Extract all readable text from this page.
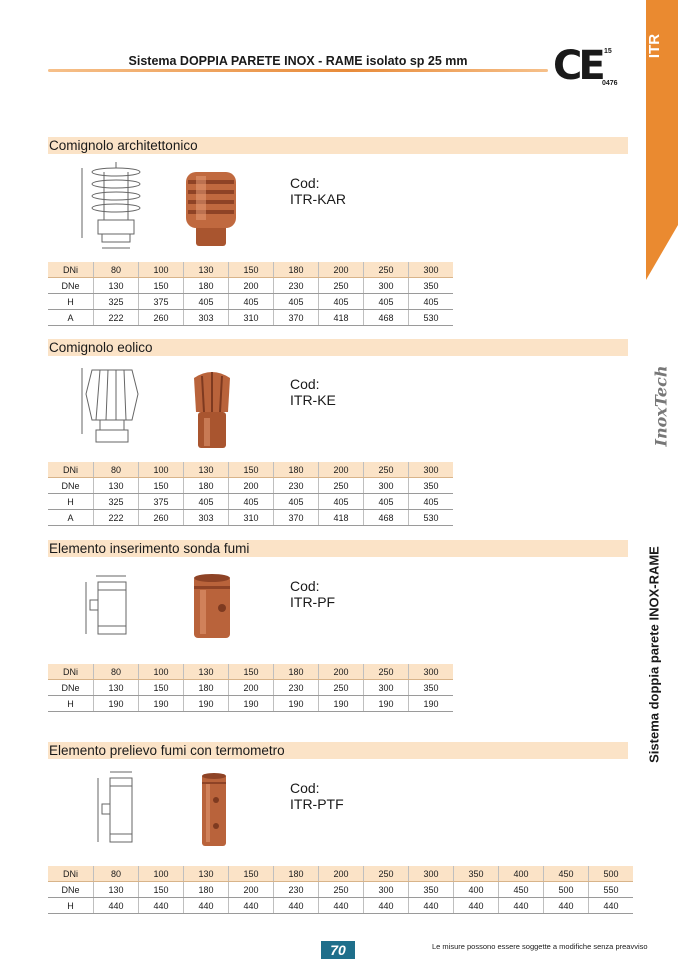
Sistema DOPPIA PARETE INOX - RAME isolato sp 25 mm	CE 15
0476
ITR
InoxTech
Sistema doppia parete INOX-RAME
Comignolo architettonico
Cod:
ITR-KAR
DNi	80	100	130	150	180	200	250	300
DNe	130	150	180	200	230	250	300	350
H	325	375	405	405	405	405	405	405
A	222	260	303	310	370	418	468	530
Comignolo eolico
Cod:
ITR-KE
DNi	80	100	130	150	180	200	250	300
DNe	130	150	180	200	230	250	300	350
H	325	375	405	405	405	405	405	405
A	222	260	303	310	370	418	468	530
Elemento inserimento sonda fumi
Cod:
ITR-PF
DNi	80	100	130	150	180	200	250	300
DNe	130	150	180	200	230	250	300	350
H	190	190	190	190	190	190	190	190
Elemento prelievo fumi con termometro
Cod:
ITR-PTF
DNi	80	100	130	150	180	200	250	300	350	400	450	500
DNe	130	150	180	200	230	250	300	350	400	450	500	550
H	440	440	440	440	440	440	440	440	440	440	440	440
70	Le misure possono essere soggette a modifiche senza preavviso
